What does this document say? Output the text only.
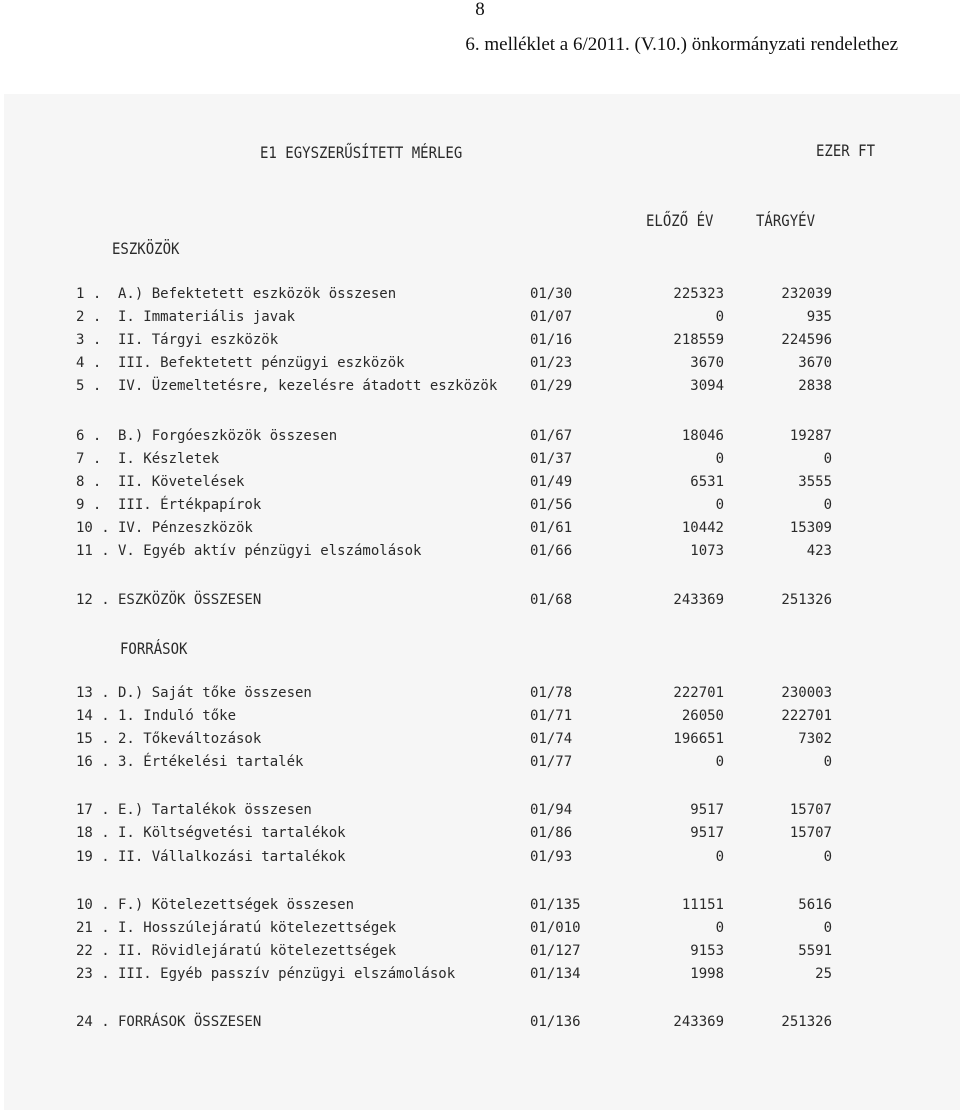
8
6. melléklet a 6/2011. (V.10.) önkormányzati rendelethez
E1 EGYSZERŰSÍTETT MÉRLEG	EZER FT
ELŐZŐ ÉV	TÁRGYÉV
ESZKÖZÖK
FORRÁSOK
1 . A.) Befektetett eszközök összesen	01/30	225323	232039
2 . I. Immateriális javak	01/07	0	935
3 . II. Tárgyi eszközök	01/16	218559	224596
4 . III. Befektetett pénzügyi eszközök	01/23	3670	3670
5 . IV. Üzemeltetésre, kezelésre átadott eszközök 01/29	3094	2838
6 . B.) Forgóeszközök összesen	01/67	18046	19287
7 . I. Készletek	01/37	0	0
8 . II. Követelések	01/49	6531	3555
9 . III. Értékpapírok	01/56	0	0
10 . IV. Pénzeszközök	01/61	10442	15309
11 . V. Egyéb aktív pénzügyi elszámolások	01/66	1073	423
12 . ESZKÖZÖK ÖSSZESEN	01/68	243369	251326
13 . D.) Saját tőke összesen	01/78	222701	230003
14 . 1. Induló tőke	01/71	26050	222701
15 . 2. Tőkeváltozások	01/74	196651	7302
16 . 3. Értékelési tartalék	01/77	0	0
17 . E.) Tartalékok összesen	01/94	9517	15707
18 . I. Költségvetési tartalékok	01/86	9517	15707
19 . II. Vállalkozási tartalékok	01/93	0	0
10 . F.) Kötelezettségek összesen	01/135	11151	5616
21 . I. Hosszúlejáratú kötelezettségek	01/010	0	0
22 . II. Rövidlejáratú kötelezettségek	01/127	9153	5591
23 . III. Egyéb passzív pénzügyi elszámolások	01/134	1998	25
24 . FORRÁSOK ÖSSZESEN	01/136	243369	251326
